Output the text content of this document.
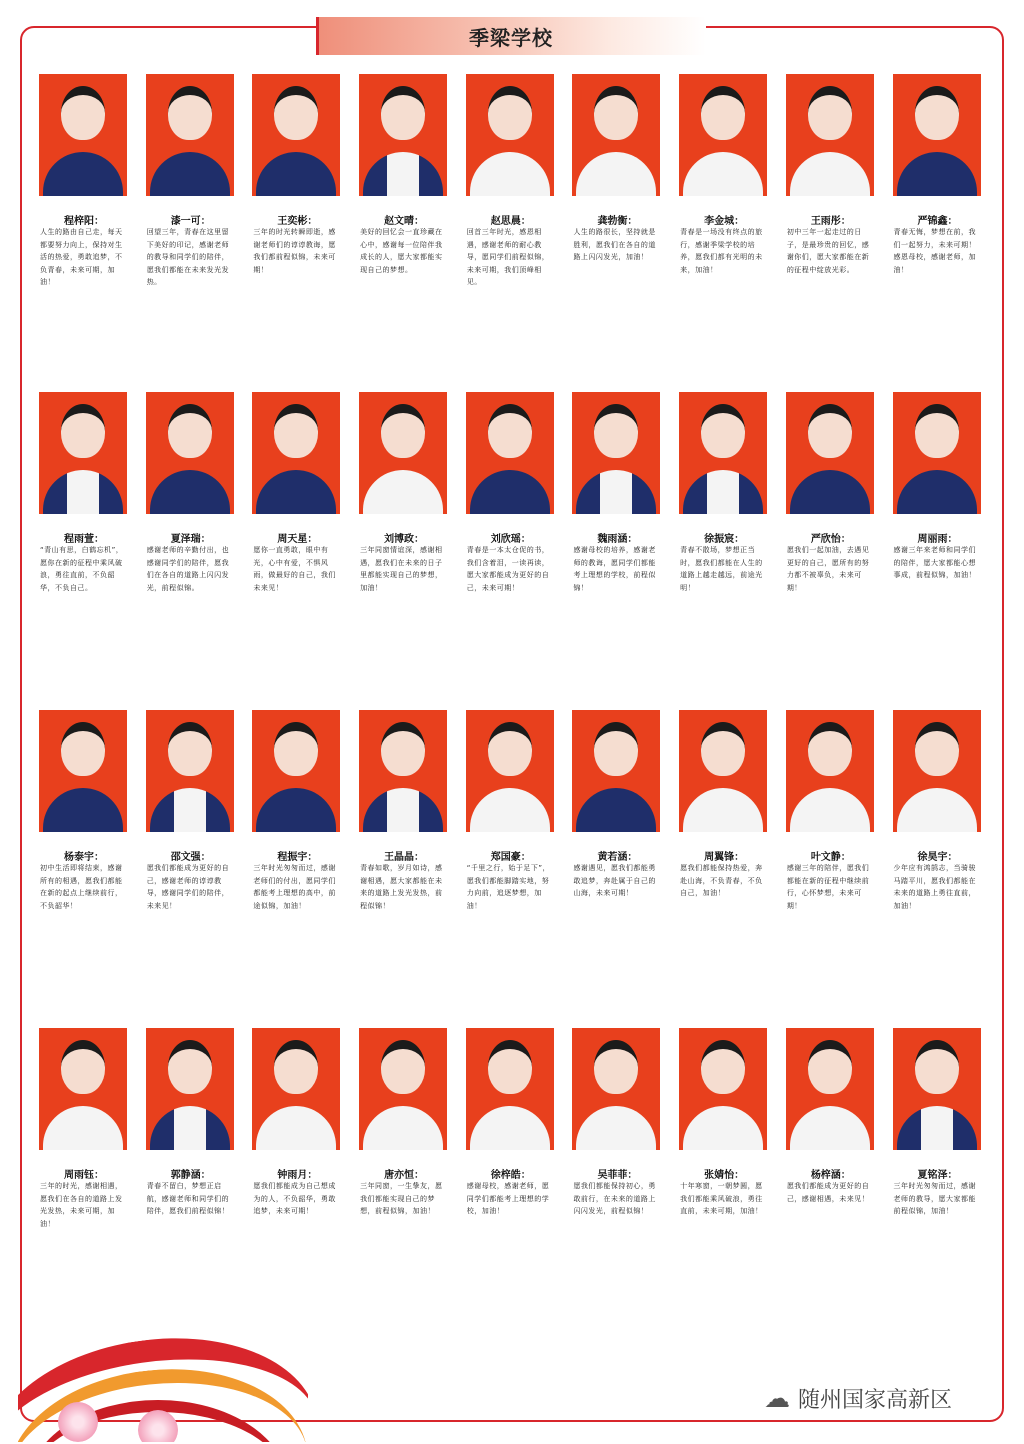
季梁学校
程梓阳：
人生的路由自己走，每天都要努力向上，保持对生活的热爱，勇敢追梦，不负青春，未来可期，加油！
漆一可：
回望三年，青春在这里留下美好的印记，感谢老师的教导和同学们的陪伴，愿我们都能在未来发光发热。
王奕彬：
三年的时光转瞬即逝，感谢老师们的谆谆教诲，愿我们都前程似锦，未来可期！
赵文晴：
美好的回忆会一直珍藏在心中，感谢每一位陪伴我成长的人，愿大家都能实现自己的梦想。
赵思晨：
回首三年时光，感恩相遇，感谢老师的耐心教导，愿同学们前程似锦，未来可期，我们顶峰相见。
龚勃衡：
人生的路很长，坚持就是胜利，愿我们在各自的道路上闪闪发光，加油！
李金城：
青春是一场没有终点的旅行，感谢季梁学校的培养，愿我们都有光明的未来，加油！
王雨彤：
初中三年一起走过的日子，是最珍贵的回忆，感谢你们，愿大家都能在新的征程中绽放光彩。
严锦鑫：
青春无悔，梦想在前，我们一起努力，未来可期！感恩母校，感谢老师，加油！
程雨萱：
“青山有思，白鹤忘机”，愿你在新的征程中乘风破浪，勇往直前，不负韶华，不负自己。
夏泽瑞：
感谢老师的辛勤付出，也感谢同学们的陪伴，愿我们在各自的道路上闪闪发光，前程似锦。
周天星：
愿你一直勇敢，眼中有光，心中有爱，不惧风雨，做最好的自己，我们未来见！
刘博政：
三年同窗情谊深，感谢相遇，愿我们在未来的日子里都能实现自己的梦想，加油！
刘欣瑶：
青春是一本太仓促的书，我们含着泪，一读再读，愿大家都能成为更好的自己，未来可期！
魏雨涵：
感谢母校的培养，感谢老师的教诲，愿同学们都能考上理想的学校，前程似锦！
徐振宸：
青春不散场，梦想正当时，愿我们都能在人生的道路上越走越远，前途光明！
严欣怡：
愿我们一起加油，去遇见更好的自己，愿所有的努力都不被辜负，未来可期！
周丽雨：
感谢三年来老师和同学们的陪伴，愿大家都能心想事成，前程似锦，加油！
杨泰宇：
初中生活即将结束，感谢所有的相遇，愿我们都能在新的起点上继续前行，不负韶华！
邵文强：
愿我们都能成为更好的自己，感谢老师的谆谆教导，感谢同学们的陪伴，未来见！
程振宇：
三年时光匆匆而过，感谢老师们的付出，愿同学们都能考上理想的高中，前途似锦，加油！
王晶晶：
青春如歌，岁月如诗，感谢相遇，愿大家都能在未来的道路上发光发热，前程似锦！
郑国豪：
“千里之行，始于足下”，愿我们都能脚踏实地，努力向前，追逐梦想，加油！
黄若涵：
感谢遇见，愿我们都能勇敢追梦，奔赴属于自己的山海，未来可期！
周翼锋：
愿我们都能保持热爱，奔赴山海，不负青春，不负自己，加油！
叶文静：
感谢三年的陪伴，愿我们都能在新的征程中继续前行，心怀梦想，未来可期！
徐昊宇：
少年应有鸿鹄志，当骑骏马踏平川，愿我们都能在未来的道路上勇往直前，加油！
周雨钰：
三年的时光，感谢相遇，愿我们在各自的道路上发光发热，未来可期，加油！
郭静涵：
青春不留白，梦想正启航，感谢老师和同学们的陪伴，愿我们前程似锦！
钟雨月：
愿我们都能成为自己想成为的人，不负韶华，勇敢追梦，未来可期！
唐亦恒：
三年同窗，一生挚友，愿我们都能实现自己的梦想，前程似锦，加油！
徐梓皓：
感谢母校，感谢老师，愿同学们都能考上理想的学校，加油！
吴菲菲：
愿我们都能保持初心，勇敢前行，在未来的道路上闪闪发光，前程似锦！
张婧怡：
十年寒窗，一朝梦圆，愿我们都能乘风破浪，勇往直前，未来可期，加油！
杨梓涵：
愿我们都能成为更好的自己，感谢相遇，未来见！
夏铭泽：
三年时光匆匆而过，感谢老师的教导，愿大家都能前程似锦，加油！
☁ 随州国家高新区
